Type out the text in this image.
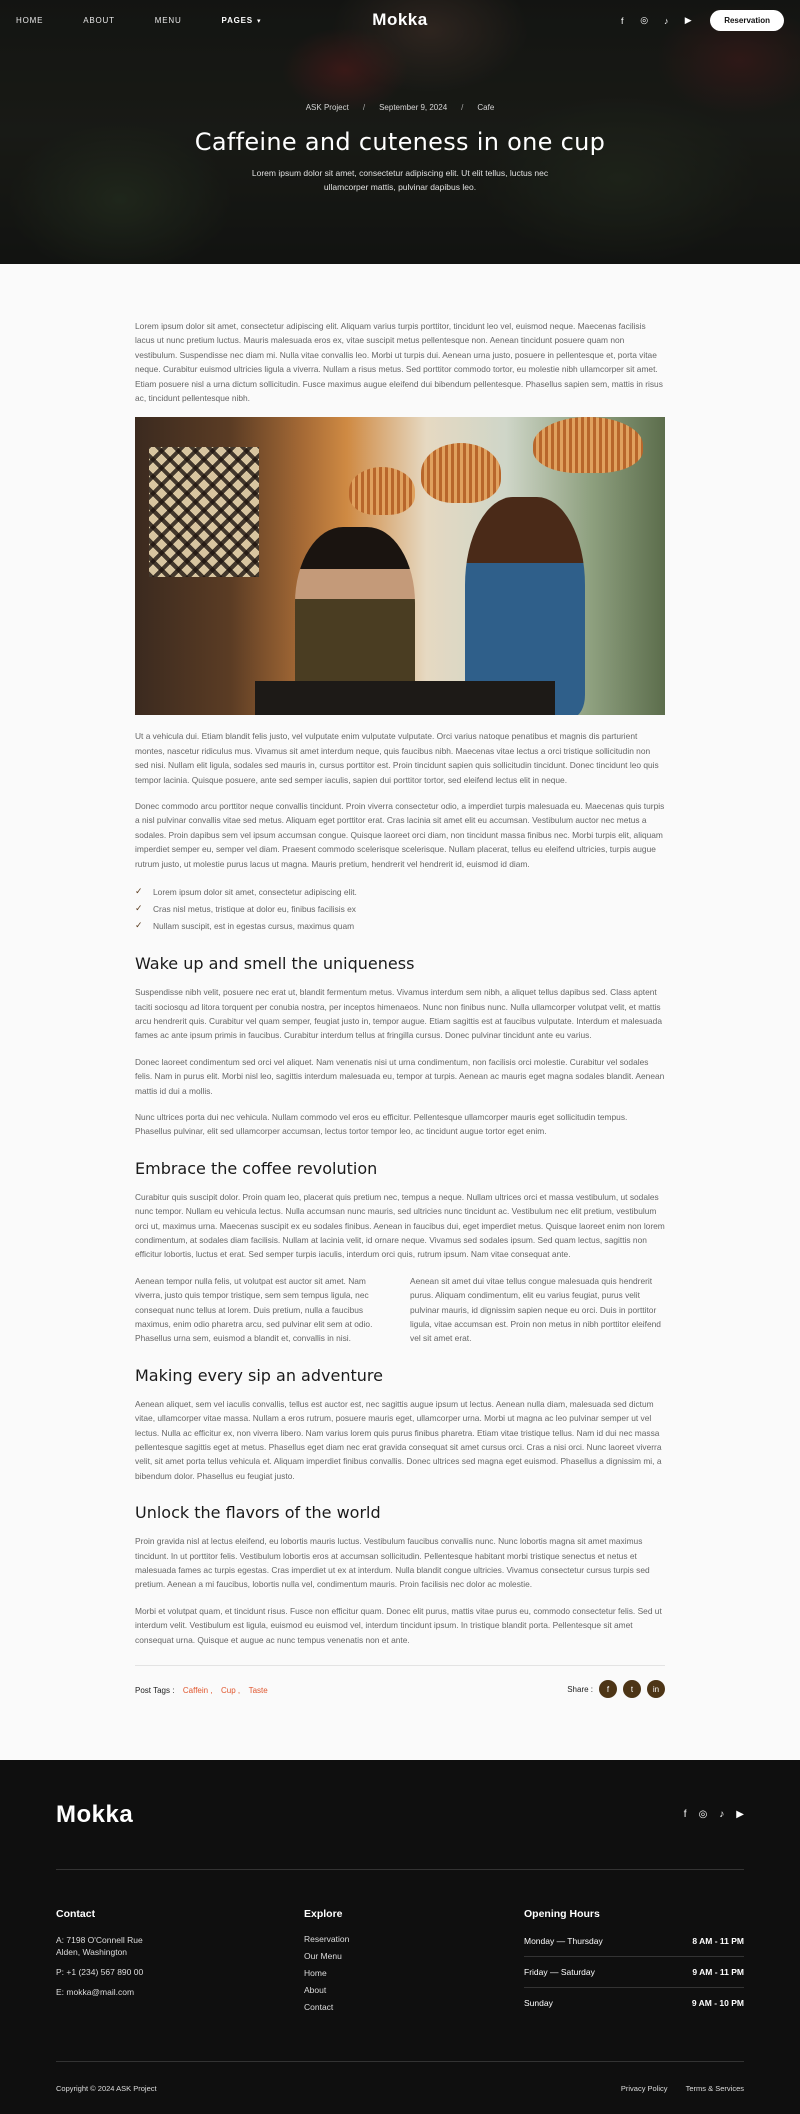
HOME	ABOUT	MENU	PAGES ▾	Mokka	f	◎	♪	▶	Reservation
ASK Project / September 9, 2024 / Cafe
Caffeine and cuteness in one cup

Lorem ipsum dolor sit amet, consectetur adipiscing elit. Ut elit tellus, luctus nec ullamcorper mattis, pulvinar dapibus leo.

Lorem ipsum dolor sit amet, consectetur adipiscing elit. Aliquam varius turpis porttitor, tincidunt leo vel, euismod neque. Maecenas facilisis lacus ut nunc pretium luctus. Mauris malesuada eros ex, vitae suscipit metus pellentesque non. Aenean tincidunt posuere quam non vestibulum. Suspendisse nec diam mi. Nulla vitae convallis leo. Morbi ut turpis dui. Aenean urna justo, posuere in pellentesque et, porta vitae neque. Curabitur euismod ultricies ligula a viverra. Nullam a risus metus. Sed porttitor commodo tortor, eu molestie nibh ullamcorper sit amet. Etiam posuere nisl a urna dictum sollicitudin. Fusce maximus augue eleifend dui bibendum pellentesque. Phasellus sapien sem, mattis in risus ac, tincidunt pellentesque nibh.

Ut a vehicula dui. Etiam blandit felis justo, vel vulputate enim vulputate vulputate. Orci varius natoque penatibus et magnis dis parturient montes, nascetur ridiculus mus. Vivamus sit amet interdum neque, quis faucibus nibh. Maecenas vitae lectus a orci tristique sollicitudin non sed nisi. Nullam elit ligula, sodales sed mauris in, cursus porttitor est. Proin tincidunt sapien quis sollicitudin tincidunt. Donec tincidunt leo quis tempor lacinia. Quisque posuere, ante sed semper iaculis, sapien dui porttitor tortor, sed eleifend lectus elit in neque.

Donec commodo arcu porttitor neque convallis tincidunt. Proin viverra consectetur odio, a imperdiet turpis malesuada eu. Maecenas quis turpis a nisl pulvinar convallis vitae sed metus. Aliquam eget porttitor erat. Cras lacinia sit amet elit eu accumsan. Vestibulum auctor nec metus a sodales. Proin dapibus sem vel ipsum accumsan congue. Quisque laoreet orci diam, non tincidunt massa finibus nec. Morbi turpis elit, aliquam imperdiet semper eu, semper vel diam. Praesent commodo scelerisque scelerisque. Nullam placerat, tellus eu eleifend ultricies, turpis augue rutrum justo, ut molestie purus lacus ut magna. Mauris pretium, hendrerit vel hendrerit id, euismod id diam.

✓	Lorem ipsum dolor sit amet, consectetur adipiscing elit.
✓	Cras nisl metus, tristique at dolor eu, finibus facilisis ex
✓	Nullam suscipit, est in egestas cursus, maximus quam
Wake up and smell the uniqueness

Suspendisse nibh velit, posuere nec erat ut, blandit fermentum metus. Vivamus interdum sem nibh, a aliquet tellus dapibus sed. Class aptent taciti sociosqu ad litora torquent per conubia nostra, per inceptos himenaeos. Nunc non finibus nunc. Nulla ullamcorper volutpat velit, et mattis arcu hendrerit quis. Curabitur vel quam semper, feugiat justo in, tempor augue. Etiam sagittis est at faucibus vulputate. Interdum et malesuada fames ac ante ipsum primis in faucibus. Curabitur interdum tellus at fringilla cursus. Donec pulvinar tincidunt ante eu varius.

Donec laoreet condimentum sed orci vel aliquet. Nam venenatis nisi ut urna condimentum, non facilisis orci molestie. Curabitur vel sodales felis. Nam in purus elit. Morbi nisl leo, sagittis interdum malesuada eu, tempor at turpis. Aenean ac mauris eget magna sodales blandit. Aenean mattis id dui a mollis.

Nunc ultrices porta dui nec vehicula. Nullam commodo vel eros eu efficitur. Pellentesque ullamcorper mauris eget sollicitudin tempus. Phasellus pulvinar, elit sed ullamcorper accumsan, lectus tortor tempor leo, ac tincidunt augue tortor eget enim.

Embrace the coffee revolution

Curabitur quis suscipit dolor. Proin quam leo, placerat quis pretium nec, tempus a neque. Nullam ultrices orci et massa vestibulum, ut sodales nunc tempor. Nullam eu vehicula lectus. Nulla accumsan nunc mauris, sed ultricies nunc tincidunt ac. Vestibulum nec elit pretium, vestibulum orci ut, maximus urna. Maecenas suscipit ex eu sodales finibus. Aenean in faucibus dui, eget imperdiet metus. Quisque laoreet enim non lorem condimentum, at sodales diam facilisis. Nullam at lacinia velit, id ornare neque. Vivamus sed sodales ipsum. Sed quam lectus, sagittis non efficitur lobortis, luctus et erat. Sed semper turpis iaculis, interdum orci quis, rutrum ipsum. Nam vitae consequat ante.

Aenean tempor nulla felis, ut volutpat est auctor sit amet. Nam viverra, justo quis tempor tristique, sem sem tempus ligula, nec consequat nunc tellus at lorem. Duis pretium, nulla a faucibus maximus, enim odio pharetra arcu, sed pulvinar elit sem at odio. Phasellus urna sem, euismod a blandit et, convallis in nisi.

Aenean sit amet dui vitae tellus congue malesuada quis hendrerit purus. Aliquam condimentum, elit eu varius feugiat, purus velit pulvinar mauris, id dignissim sapien neque eu orci. Duis in porttitor ligula, vitae accumsan est. Proin non metus in nibh porttitor eleifend vel sit amet erat.

Making every sip an adventure

Aenean aliquet, sem vel iaculis convallis, tellus est auctor est, nec sagittis augue ipsum ut lectus. Aenean nulla diam, malesuada sed dictum vitae, ullamcorper vitae massa. Nullam a eros rutrum, posuere mauris eget, ullamcorper urna. Morbi ut magna ac leo pulvinar semper ut vel lectus. Nulla ac efficitur ex, non viverra libero. Nam varius lorem quis purus finibus pharetra. Etiam vitae tristique tellus. Nam id dui nec massa pellentesque sagittis eget at metus. Phasellus eget diam nec erat gravida consequat sit amet cursus orci. Cras a nisi orci. Nunc laoreet viverra velit, sit amet porta tellus vehicula et. Aliquam imperdiet finibus convallis. Donec ultrices sed magna eget euismod. Phasellus a dignissim mi, a bibendum dolor. Phasellus eu feugiat justo.

Unlock the flavors of the world

Proin gravida nisl at lectus eleifend, eu lobortis mauris luctus. Vestibulum faucibus convallis nunc. Nunc lobortis magna sit amet maximus tincidunt. In ut porttitor felis. Vestibulum lobortis eros at accumsan sollicitudin. Pellentesque habitant morbi tristique senectus et netus et malesuada fames ac turpis egestas. Cras imperdiet ut ex at interdum. Nulla blandit congue ultricies. Vivamus consectetur cursus turpis sed pretium. Aenean a mi faucibus, lobortis nulla vel, condimentum mauris. Proin facilisis nec dolor ac molestie.

Morbi et volutpat quam, et tincidunt risus. Fusce non efficitur quam. Donec elit purus, mattis vitae purus eu, commodo consectetur felis. Sed ut interdum velit. Vestibulum est ligula, euismod eu euismod vel, interdum tincidunt ipsum. In tristique blandit porta. Pellentesque sit amet consequat urna. Quisque et augue ac nunc tempus venenatis non et ante.

Post Tags : Caffein , Cup , Taste	Share :	f	t	in
Mokka	f ◎ ♪ ▶
Contact

A: 7198 O'Connell Rue

Alden, Washington

P: +1 (234) 567 890 00

E: mokka@mail.com

Explore
Reservation
Our Menu
Home
About
Contact
Opening Hours
Monday — Thursday	8 AM - 11 PM
Friday — Saturday	9 AM - 11 PM
Sunday	9 AM - 10 PM
Copyright © 2024 ASK Project	Privacy Policy Terms & Services
